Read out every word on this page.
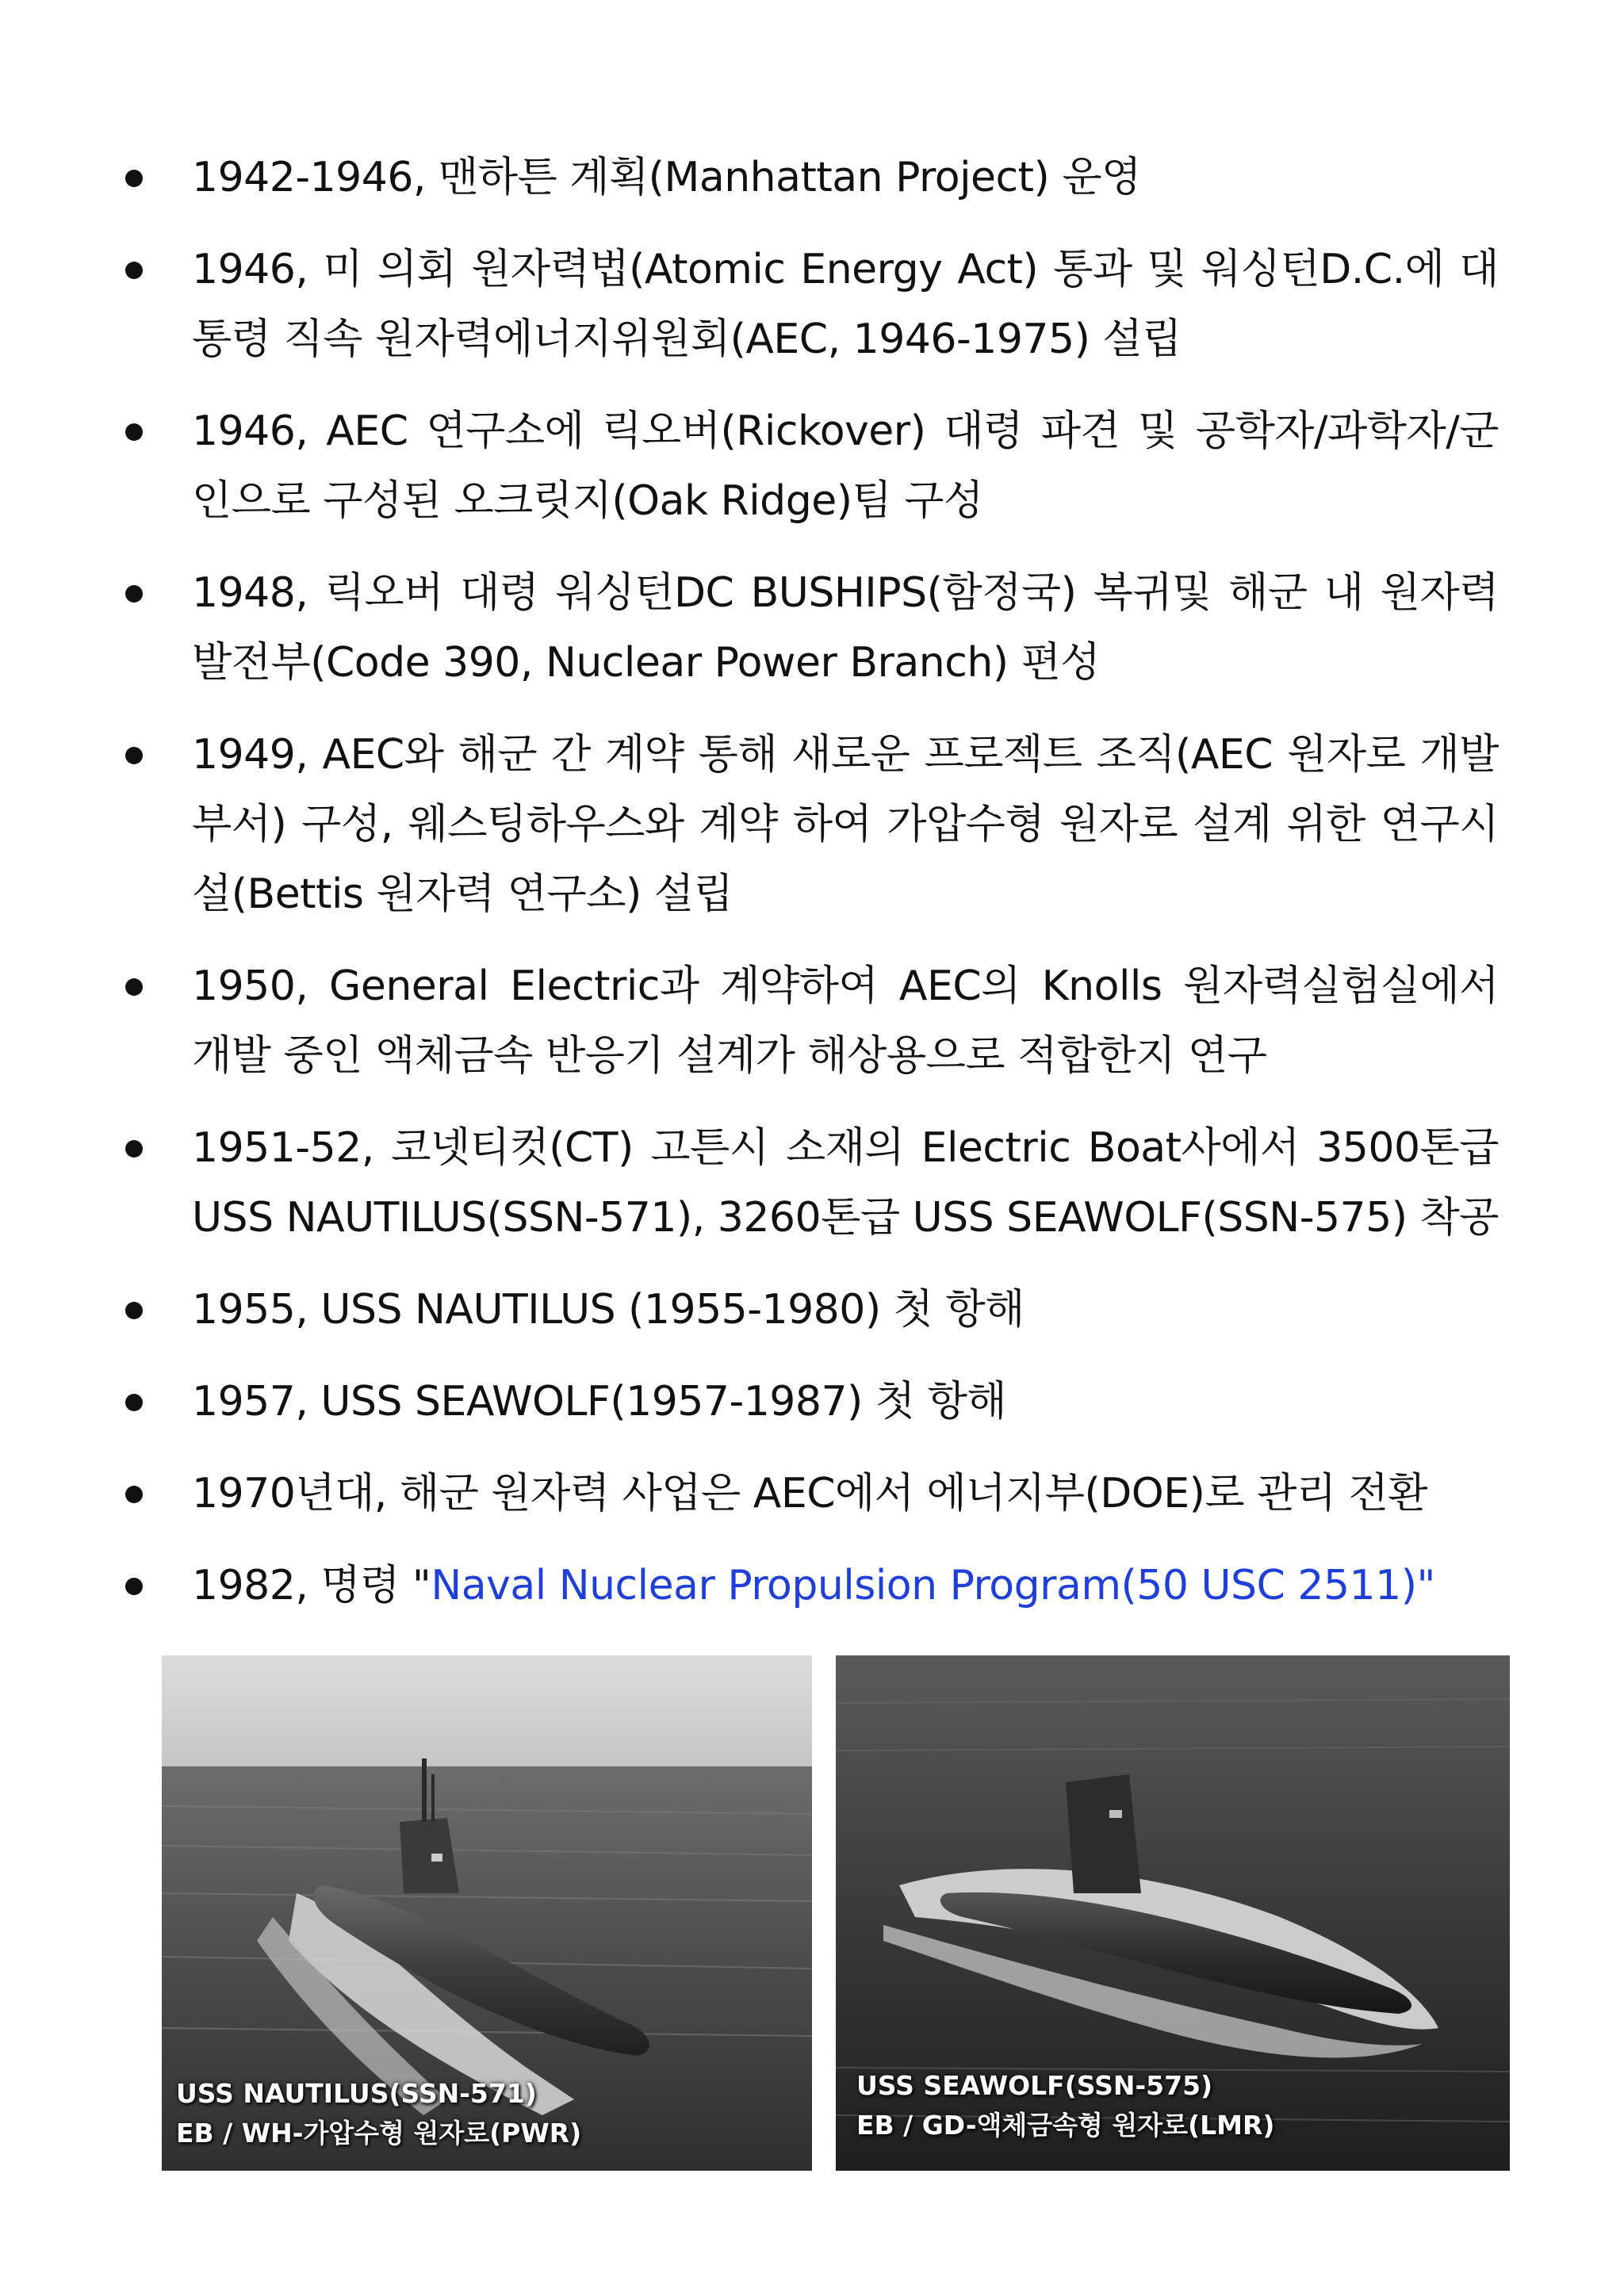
1942-1946, 맨하튼 계획(Manhattan Project) 운영
1946, 미 의회 원자력법(Atomic Energy Act) 통과 및 워싱턴D.C.에 대통령 직속 원자력에너지위원회(AEC, 1946-1975) 설립
1946, AEC 연구소에 릭오버(Rickover) 대령 파견 및 공학자/과학자/군인으로 구성된 오크릿지(Oak Ridge)팀 구성
1948, 릭오버 대령 워싱턴DC BUSHIPS(함정국) 복귀및 해군 내 원자력발전부(Code 390, Nuclear Power Branch) 편성
1949, AEC와 해군 간 계약 통해 새로운 프로젝트 조직(AEC 원자로 개발부서) 구성, 웨스팅하우스와 계약 하여 가압수형 원자로 설계 위한 연구시설(Bettis 원자력 연구소) 설립
1950, General Electric과 계약하여 AEC의 Knolls 원자력실험실에서 개발 중인 액체금속 반응기 설계가 해상용으로 적합한지 연구
1951-52, 코넷티컷(CT) 고튼시 소재의 Electric Boat사에서 3500톤급 USS NAUTILUS(SSN-571), 3260톤급 USS SEAWOLF(SSN-575) 착공
1955, USS NAUTILUS (1955-1980) 첫 항해
1957, USS SEAWOLF(1957-1987) 첫 항해
1970년대, 해군 원자력 사업은 AEC에서 에너지부(DOE)로 관리 전환
1982, 명령 "Naval Nuclear Propulsion Program(50 USC 2511)"
USS NAUTILUS(SSN-571)
EB / WH-가압수형 원자로(PWR)
USS SEAWOLF(SSN-575)
EB / GD-액체금속형 원자로(LMR)
